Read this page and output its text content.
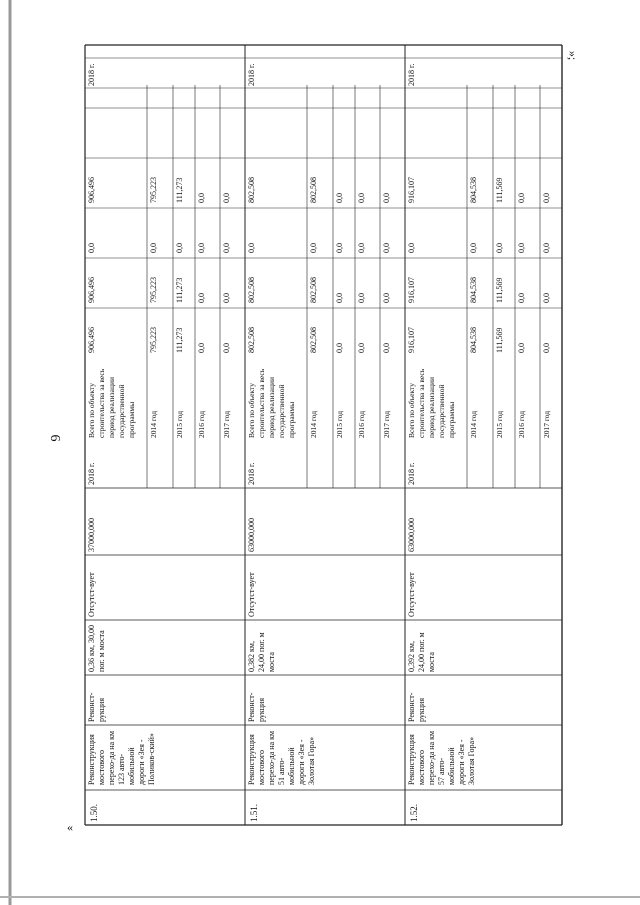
6
«
»;
1.50.
Реконструкция мостового перехо-да на км 123 авто-мобильной дороги «Зея - Поликов-ский»
Реконст-рукция
0,36 км, 30,00 пог. м моста
Отсутст-вует
37000,000
2018 г.
Всего по объекту строительства за весь период реализации государственной программы
906,496
906,496
0,0
906,496
2014 год
795,223
795,223
0,0
795,223
2015 год
111,273
111,273
0,0
111,273
2016 год
0,0
0,0
0,0
0,0
2017 год
0,0
0,0
0,0
0,0
2018 г.
1.51.
Реконструкция мостового перехо-да на км 51 авто-мобильной дороги «Зея - Золотая Гора»
Реконст-рукция
0,382 км, 24,00 пог. м моста
Отсутст-вует
63000,000
2018 г.
Всего по объекту строительства за весь период реализации государственной программы
802,508
802,508
0,0
802,508
2014 год
802,508
802,508
0,0
802,508
2015 год
0,0
0,0
0,0
0,0
2016 год
0,0
0,0
0,0
0,0
2017 год
0,0
0,0
0,0
0,0
2018 г.
1.52.
Реконструкция мостового перехо-да на км 57 авто-мобильной дороги «Зея - Золотая Гора»
Реконст-рукция
0,392 км, 24,00 пог. м моста
Отсутст-вует
63000,000
2018 г.
Всего по объекту строительства за весь период реализации государственной программы
916,107
916,107
0,0
916,107
2014 год
804,538
804,538
0,0
804,538
2015 год
111,569
111,569
0,0
111,569
2016 год
0,0
0,0
0,0
0,0
2017 год
0,0
0,0
0,0
0,0
2018 г.
